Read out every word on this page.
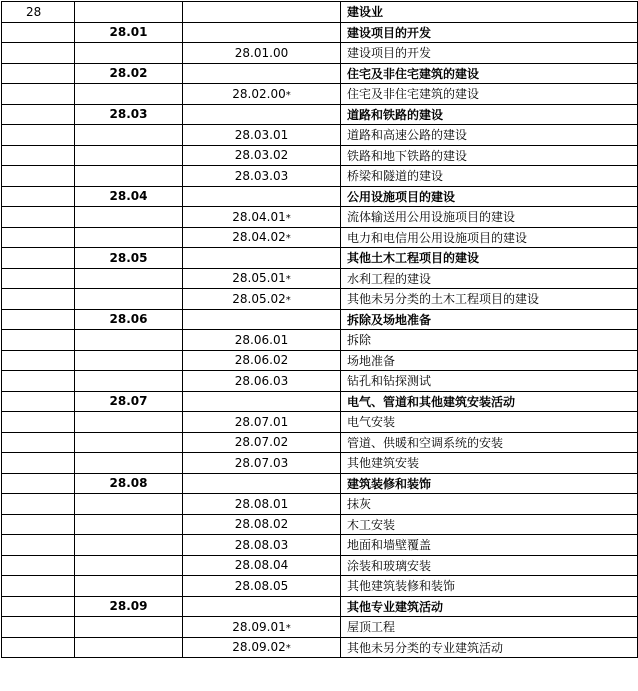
28			建设业
	28.01		建设项目的开发
		28.01.00	建设项目的开发
	28.02		住宅及非住宅建筑的建设
		28.02.00*	住宅及非住宅建筑的建设
	28.03		道路和铁路的建设
		28.03.01	道路和高速公路的建设
		28.03.02	铁路和地下铁路的建设
		28.03.03	桥梁和隧道的建设
	28.04		公用设施项目的建设
		28.04.01*	流体输送用公用设施项目的建设
		28.04.02*	电力和电信用公用设施项目的建设
	28.05		其他土木工程项目的建设
		28.05.01*	水利工程的建设
		28.05.02*	其他未另分类的土木工程项目的建设
	28.06		拆除及场地准备
		28.06.01	拆除
		28.06.02	场地准备
		28.06.03	钻孔和钻探测试
	28.07		电气、管道和其他建筑安装活动
		28.07.01	电气安装
		28.07.02	管道、供暖和空调系统的安装
		28.07.03	其他建筑安装
	28.08		建筑装修和装饰
		28.08.01	抹灰
		28.08.02	木工安装
		28.08.03	地面和墙壁覆盖
		28.08.04	涂装和玻璃安装
		28.08.05	其他建筑装修和装饰
	28.09		其他专业建筑活动
		28.09.01*	屋顶工程
		28.09.02*	其他未另分类的专业建筑活动
